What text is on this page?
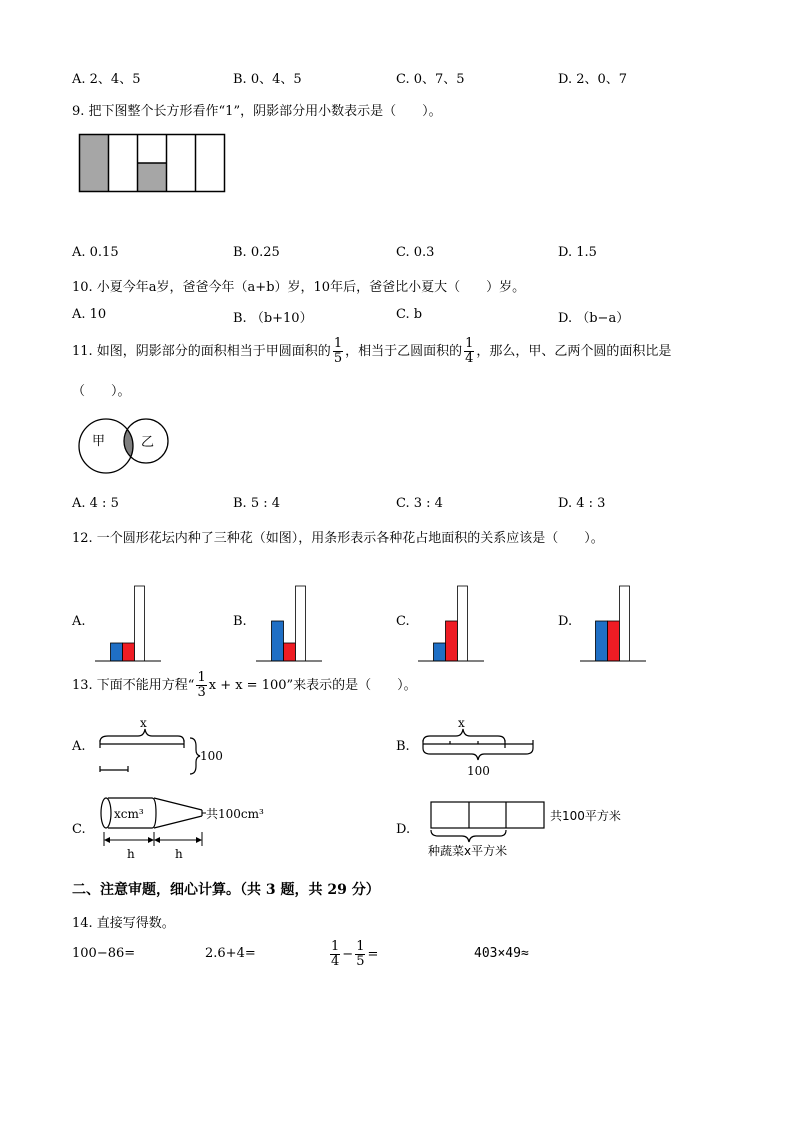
A. 2、4、5	B. 0、4、5	C. 0、7、5	D. 2、0、7
9. 把下图整个长方形看作“1”，阴影部分用小数表示是（　　）。
A. 0.15	B. 0.25	C. 0.3	D. 1.5
10. 小夏今年a岁，爸爸今年（a+b）岁，10年后，爸爸比小夏大（　　）岁。
A. 10	B. （b+10）	C. b	D. （b−a）
11. 如图，阴影部分的面积相当于甲圆面积的 $\frac{1}{5}$ ，相当于乙圆面积的 $\frac{1}{4}$ ，那么，甲、乙两个圆的面积比是
（　　）。
甲	乙
A. 4 : 5	B. 5 : 4	C. 3 : 4	D. 4 : 3
12. 一个圆形花坛内种了三种花（如图），用条形表示各种花占地面积的关系应该是（　　）。
A.	B.	C.	D.
13. 下面不能用方程“ $\frac{1}{3}$ x + x = 100”来表示的是（　　）。
A.
x
100
B.
x
100
C.
xcm³	共100cm³
h	h
D.
共100平方米
种蔬菜x平方米
二、注意审题，细心计算。（共 3 题，共 29 分）
14. 直接写得数。
100−86=	2.6+4=	$\frac{1}{4} - \frac{1}{5}$ =	403×49≈
